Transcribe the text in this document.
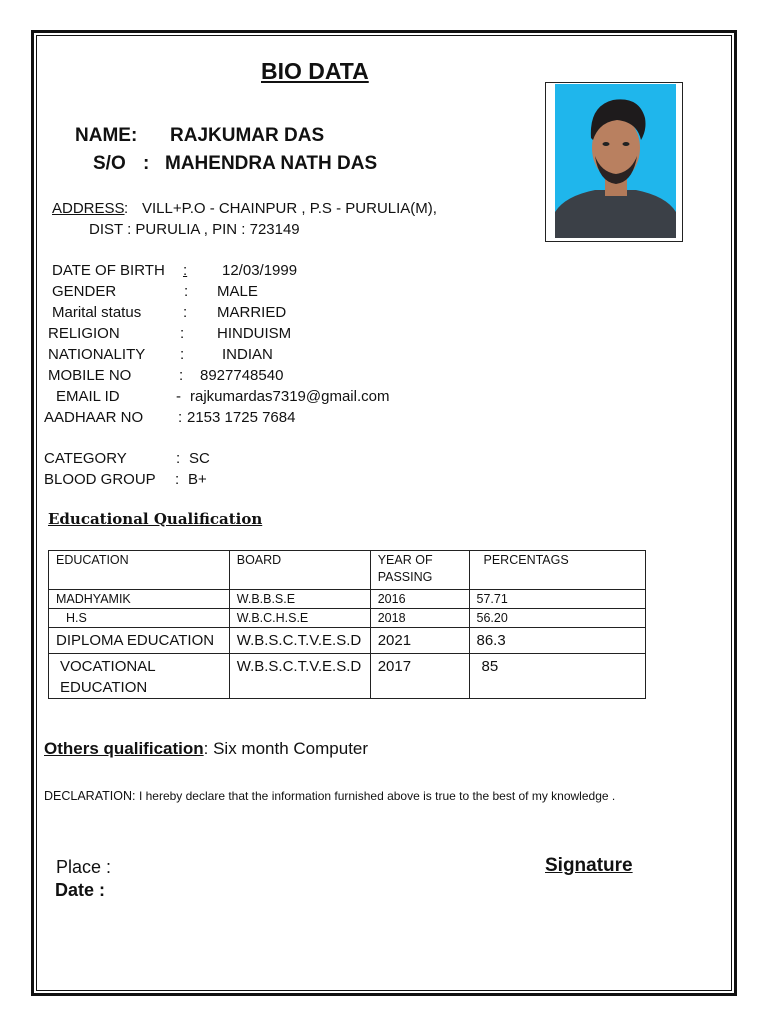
BIO DATA
NAME: RAJKUMAR DAS
S/O : MAHENDRA NATH DAS
ADDRESS : VILL+P.O - CHAINPUR , P.S - PURULIA(M),
DIST : PURULIA , PIN : 723149
DATE OF BIRTH : 12/03/1999
GENDER	: MALE
Marital status	: MARRIED
RELIGION	: HINDUISM
NATIONALITY :	INDIAN
MOBILE NO	: 8927748540
EMAIL ID	- rajkumardas7319@gmail.com
AADHAAR NO : 2153 1725 7684
CATEGORY	: SC
BLOOD GROUP : B+
Educational Qualification
EDUCATION	BOARD	YEAR OF PASSING	PERCENTAGS
MADHYAMIK	W.B.B.S.E	2016	57.71
H.S	W.B.C.H.S.E	2018	56.20
DIPLOMA EDUCATION	W.B.S.C.T.V.E.S.D	2021	86.3
VOCATIONAL EDUCATION	W.B.S.C.T.V.E.S.D	2017	85
Others qualification: Six month Computer
DECLARATION: I hereby declare that the information furnished above is true to the best of my knowledge .
Place :
Date :
Signature
